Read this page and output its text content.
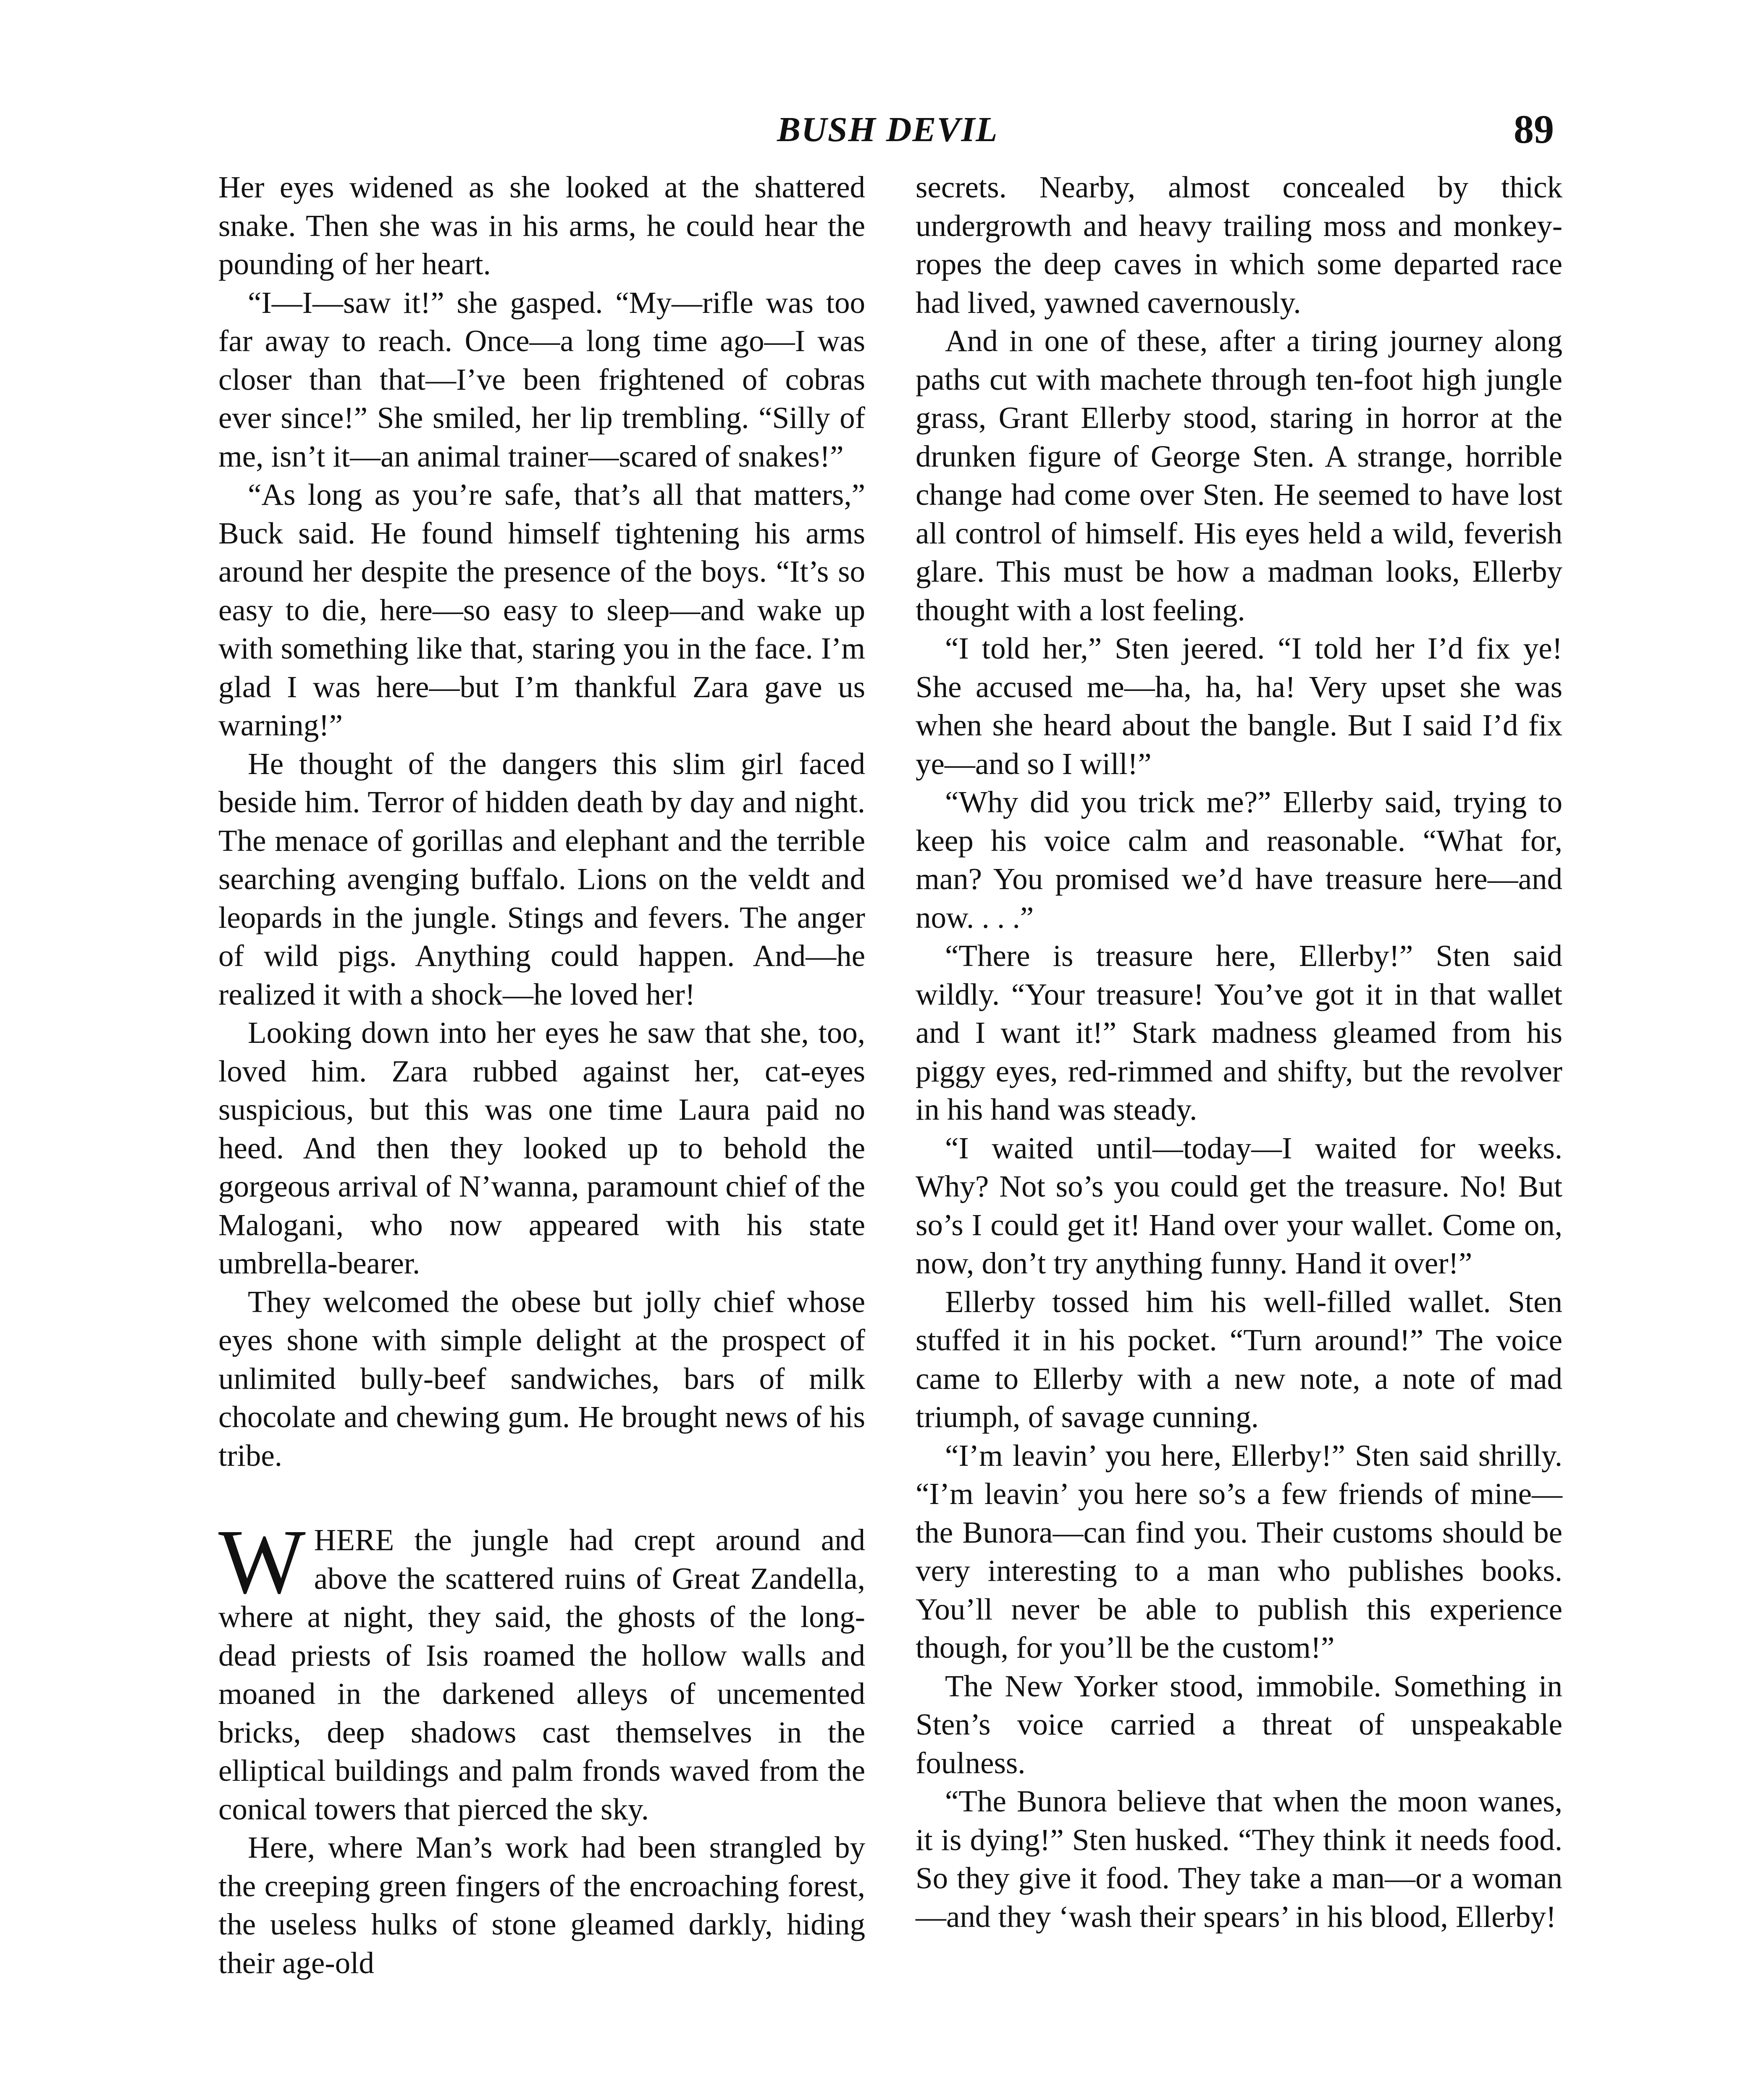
BUSH DEVIL	89

Her eyes widened as she looked at the shattered snake. Then she was in his arms, he could hear the pounding of her heart.

“I—I—saw it!” she gasped. “My—rifle was too far away to reach. Once—a long time ago—I was closer than that—I’ve been frightened of cobras ever since!” She smiled, her lip trembling. “Silly of me, isn’t it—an animal trainer—scared of snakes!”

“As long as you’re safe, that’s all that matters,” Buck said. He found himself tightening his arms around her despite the presence of the boys. “It’s so easy to die, here—so easy to sleep—and wake up with something like that, staring you in the face. I’m glad I was here—but I’m thankful Zara gave us warning!”

He thought of the dangers this slim girl faced beside him. Terror of hidden death by day and night. The menace of gorillas and elephant and the terrible searching avenging buffalo. Lions on the veldt and leopards in the jungle. Stings and fevers. The anger of wild pigs. Anything could happen. And—he realized it with a shock—he loved her!

Looking down into her eyes he saw that she, too, loved him. Zara rubbed against her, cat-eyes suspicious, but this was one time Laura paid no heed. And then they looked up to behold the gorgeous arrival of N’wanna, paramount chief of the Malogani, who now appeared with his state umbrella-bearer.

They welcomed the obese but jolly chief whose eyes shone with simple delight at the prospect of unlimited bully-beef sandwiches, bars of milk chocolate and chewing gum. He brought news of his tribe.

WHERE the jungle had crept around and above the scattered ruins of Great Zandella, where at night, they said, the ghosts of the long-dead priests of Isis roamed the hollow walls and moaned in the darkened alleys of uncemented bricks, deep shadows cast themselves in the elliptical buildings and palm fronds waved from the conical towers that pierced the sky.

Here, where Man’s work had been strangled by the creeping green fingers of the encroaching forest, the useless hulks of stone gleamed darkly, hiding their age-old

secrets. Nearby, almost concealed by thick undergrowth and heavy trailing moss and monkey-ropes the deep caves in which some departed race had lived, yawned cavernously.

And in one of these, after a tiring journey along paths cut with machete through ten-foot high jungle grass, Grant Ellerby stood, staring in horror at the drunken figure of George Sten. A strange, horrible change had come over Sten. He seemed to have lost all control of himself. His eyes held a wild, feverish glare. This must be how a madman looks, Ellerby thought with a lost feeling.

“I told her,” Sten jeered. “I told her I’d fix ye! She accused me—ha, ha, ha! Very upset she was when she heard about the bangle. But I said I’d fix ye—and so I will!”

“Why did you trick me?” Ellerby said, trying to keep his voice calm and reasonable. “What for, man? You promised we’d have treasure here—and now. . . .”

“There is treasure here, Ellerby!” Sten said wildly. “Your treasure! You’ve got it in that wallet and I want it!” Stark madness gleamed from his piggy eyes, red-rimmed and shifty, but the revolver in his hand was steady.

“I waited until—today—I waited for weeks. Why? Not so’s you could get the treasure. No! But so’s I could get it! Hand over your wallet. Come on, now, don’t try anything funny. Hand it over!”

Ellerby tossed him his well-filled wallet. Sten stuffed it in his pocket. “Turn around!” The voice came to Ellerby with a new note, a note of mad triumph, of savage cunning.

“I’m leavin’ you here, Ellerby!” Sten said shrilly. “I’m leavin’ you here so’s a few friends of mine—the Bunora—can find you. Their customs should be very interesting to a man who publishes books. You’ll never be able to publish this experience though, for you’ll be the custom!”

The New Yorker stood, immobile. Something in Sten’s voice carried a threat of unspeakable foulness.

“The Bunora believe that when the moon wanes, it is dying!” Sten husked. “They think it needs food. So they give it food. They take a man—or a woman—and they ‘wash their spears’ in his blood, Ellerby!
